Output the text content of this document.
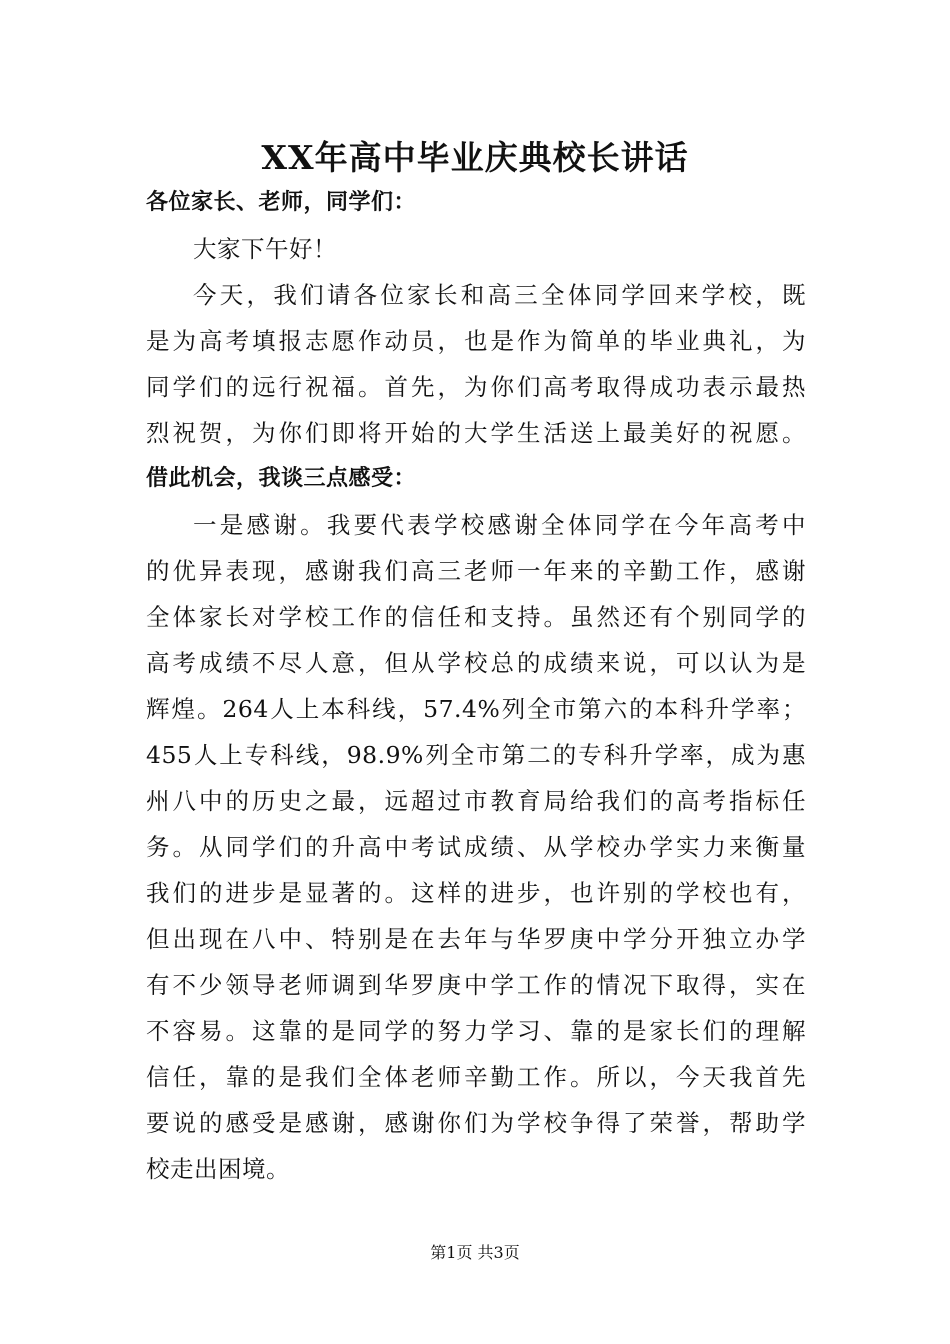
XX年高中毕业庆典校长讲话
各位家长、老师，同学们：
大家下午好！
今天，我们请各位家长和高三全体同学回来学校，既
是为高考填报志愿作动员，也是作为简单的毕业典礼，为
同学们的远行祝福。首先，为你们高考取得成功表示最热
烈祝贺，为你们即将开始的大学生活送上最美好的祝愿。
借此机会，我谈三点感受：
一是感谢。我要代表学校感谢全体同学在今年高考中
的优异表现，感谢我们高三老师一年来的辛勤工作，感谢
全体家长对学校工作的信任和支持。虽然还有个别同学的
高考成绩不尽人意，但从学校总的成绩来说，可以认为是
辉煌。264人上本科线，57.4%列全市第六的本科升学率；
455人上专科线，98.9%列全市第二的专科升学率，成为惠
州八中的历史之最，远超过市教育局给我们的高考指标任
务。从同学们的升高中考试成绩、从学校办学实力来衡量
我们的进步是显著的。这样的进步，也许别的学校也有，
但出现在八中、特别是在去年与华罗庚中学分开独立办学
有不少领导老师调到华罗庚中学工作的情况下取得，实在
不容易。这靠的是同学的努力学习、靠的是家长们的理解
信任，靠的是我们全体老师辛勤工作。所以，今天我首先
要说的感受是感谢，感谢你们为学校争得了荣誉，帮助学
校走出困境。
第1页 共3页
